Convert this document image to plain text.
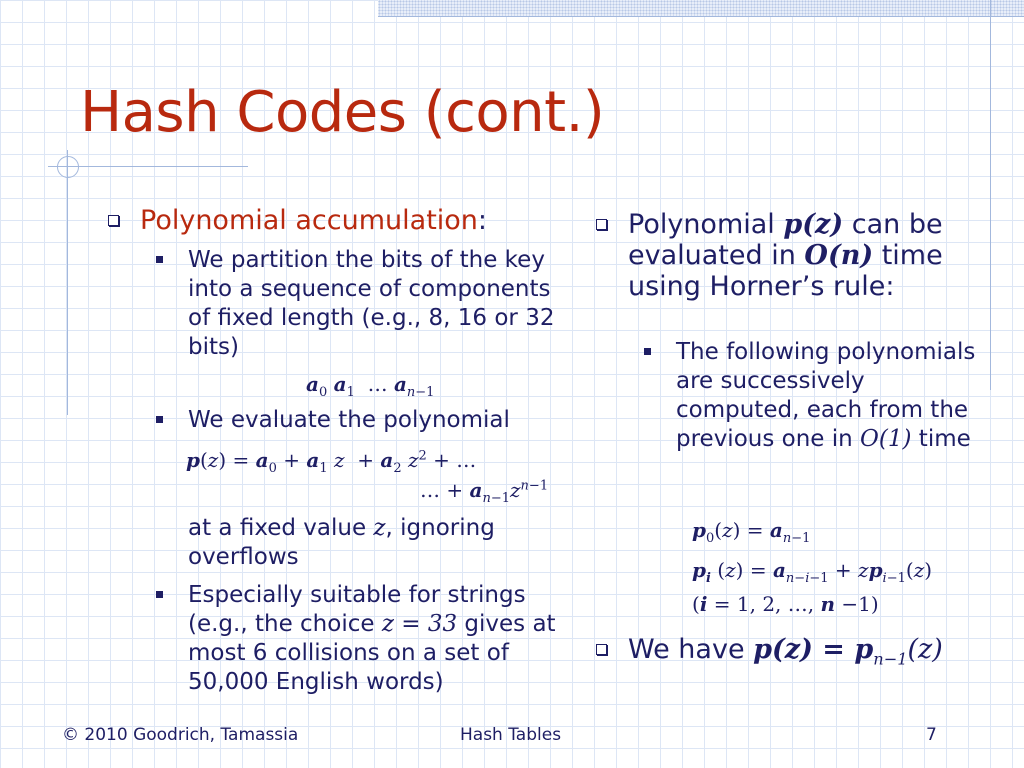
Hash Codes (cont.)
Polynomial accumulation:
We partition the bits of the key into a sequence of components of fixed length (e.g., 8, 16 or 32 bits)
$a_0$ $a_1$  … $a_{n-1}$
We evaluate the polynomial
$p(z) = a_0 + a_1$ $z + a_2$ $z^2$ + …
… + $a_{n-1}z^{n-1}$
at a fixed value z, ignoring overflows
Especially suitable for strings (e.g., the choice z = 33 gives at most 6 collisions on a set of 50,000 English words)
Polynomial p(z) can be evaluated in O(n) time using Horner’s rule:
The following polynomials are successively computed, each from the previous one in O(1) time
$p_0(z) = a_{n-1}$
$p_i$ $(z) = a_{n-i-1} + zp_{i-1}(z)$
(i = 1, 2, …, n −1)
We have $p(z) = p_{n-1}(z)$
© 2010 Goodrich, Tamassia	Hash Tables	7
